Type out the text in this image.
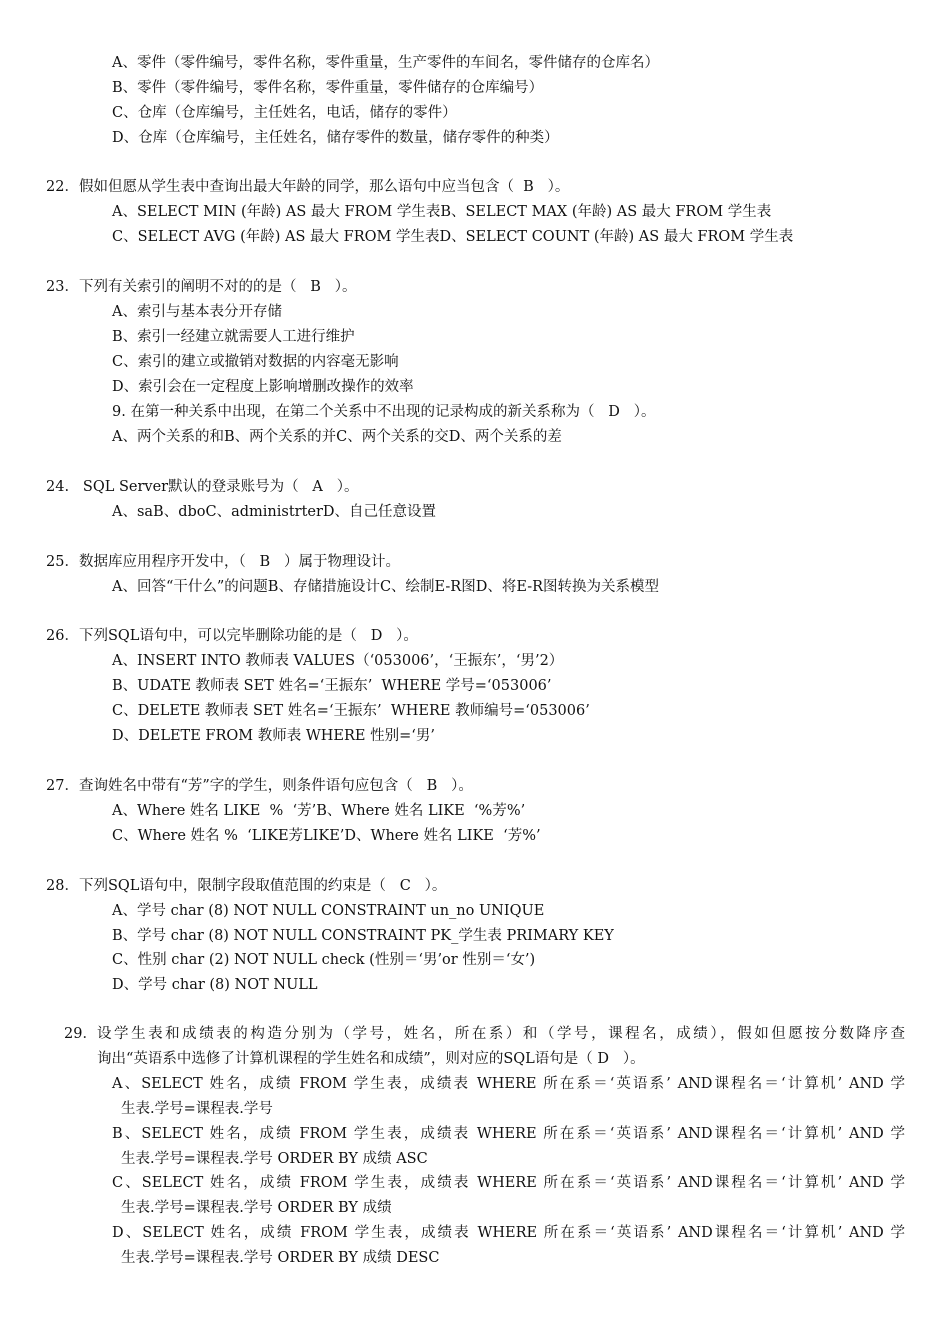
A、零件（零件编号，零件名称，零件重量，生产零件的车间名，零件储存的仓库名）
B、零件（零件编号，零件名称，零件重量，零件储存的仓库编号）
C、仓库（仓库编号，主任姓名，电话，储存的零件）
D、仓库（仓库编号，主任姓名，储存零件的数量，储存零件的种类）
22．假如但愿从学生表中查询出最大年龄的同学，那么语句中应当包含（  B   ）。
A、SELECT MIN (年龄) AS 最大 FROM 学生表B、SELECT MAX (年龄) AS 最大 FROM 学生表
C、SELECT AVG (年龄) AS 最大 FROM 学生表D、SELECT COUNT (年龄) AS 最大 FROM 学生表
23．下列有关索引的阐明不对的的是（   B   ）。
A、索引与基本表分开存储
B、索引一经建立就需要人工进行维护
C、索引的建立或撤销对数据的内容毫无影响
D、索引会在一定程度上影响增删改操作的效率
9. 在第一种关系中出现，在第二个关系中不出现的记录构成的新关系称为（   D   ）。
A、两个关系的和B、两个关系的并C、两个关系的交D、两个关系的差
24.   SQL Server默认的登录账号为（   A   ）。
A、saB、dboC、administrterD、自己任意设置
25．数据库应用程序开发中，（   B   ）属于物理设计。
A、回答“干什么”的问题B、存储措施设计C、绘制E-R图D、将E-R图转换为关系模型
26．下列SQL语句中，可以完毕删除功能的是（   D   ）。
A、INSERT INTO 教师表 VALUES（‘053006’，‘王振东’，‘男’2）
B、UDATE 教师表 SET 姓名=‘王振东’  WHERE 学号=‘053006’
C、DELETE 教师表 SET 姓名=‘王振东’  WHERE 教师编号=‘053006’
D、DELETE FROM 教师表 WHERE 性别=‘男’
27．查询姓名中带有“芳”字的学生，则条件语句应包含（   B   ）。
A、Where 姓名 LIKE  %  ‘芳’B、Where 姓名 LIKE  ‘%芳%’
C、Where 姓名 %  ‘LIKE芳LIKE’D、Where 姓名 LIKE  ‘芳%’
28．下列SQL语句中，限制字段取值范围的约束是（   C   ）。
A、学号 char (8) NOT NULL CONSTRAINT un_no UNIQUE
B、学号 char (8) NOT NULL CONSTRAINT PK_学生表 PRIMARY KEY
C、性别 char (2) NOT NULL check (性别＝‘男’or 性别＝‘女’)
D、学号 char (8) NOT NULL
29． 设学生表和成绩表的构造分别为（学号，姓名，所在系）和（学号，课程名，成绩），假如但愿按分数降序查
询出“英语系中选修了计算机课程的学生姓名和成绩”，则对应的SQL语句是（ D   ）。
A、SELECT 姓名，成绩 FROM 学生表，成绩表 WHERE 所在系＝‘英语系’ AND课程名＝‘计算机’ AND 学
生表.学号=课程表.学号
B、SELECT 姓名，成绩 FROM 学生表，成绩表 WHERE 所在系＝‘英语系’ AND课程名＝‘计算机’ AND 学
生表.学号=课程表.学号 ORDER BY 成绩 ASC
C、SELECT 姓名，成绩 FROM 学生表，成绩表 WHERE 所在系＝‘英语系’ AND课程名＝‘计算机’ AND 学
生表.学号=课程表.学号 ORDER BY 成绩
D、SELECT 姓名，成绩 FROM 学生表，成绩表 WHERE 所在系＝‘英语系’ AND课程名＝‘计算机’ AND 学
生表.学号=课程表.学号 ORDER BY 成绩 DESC
